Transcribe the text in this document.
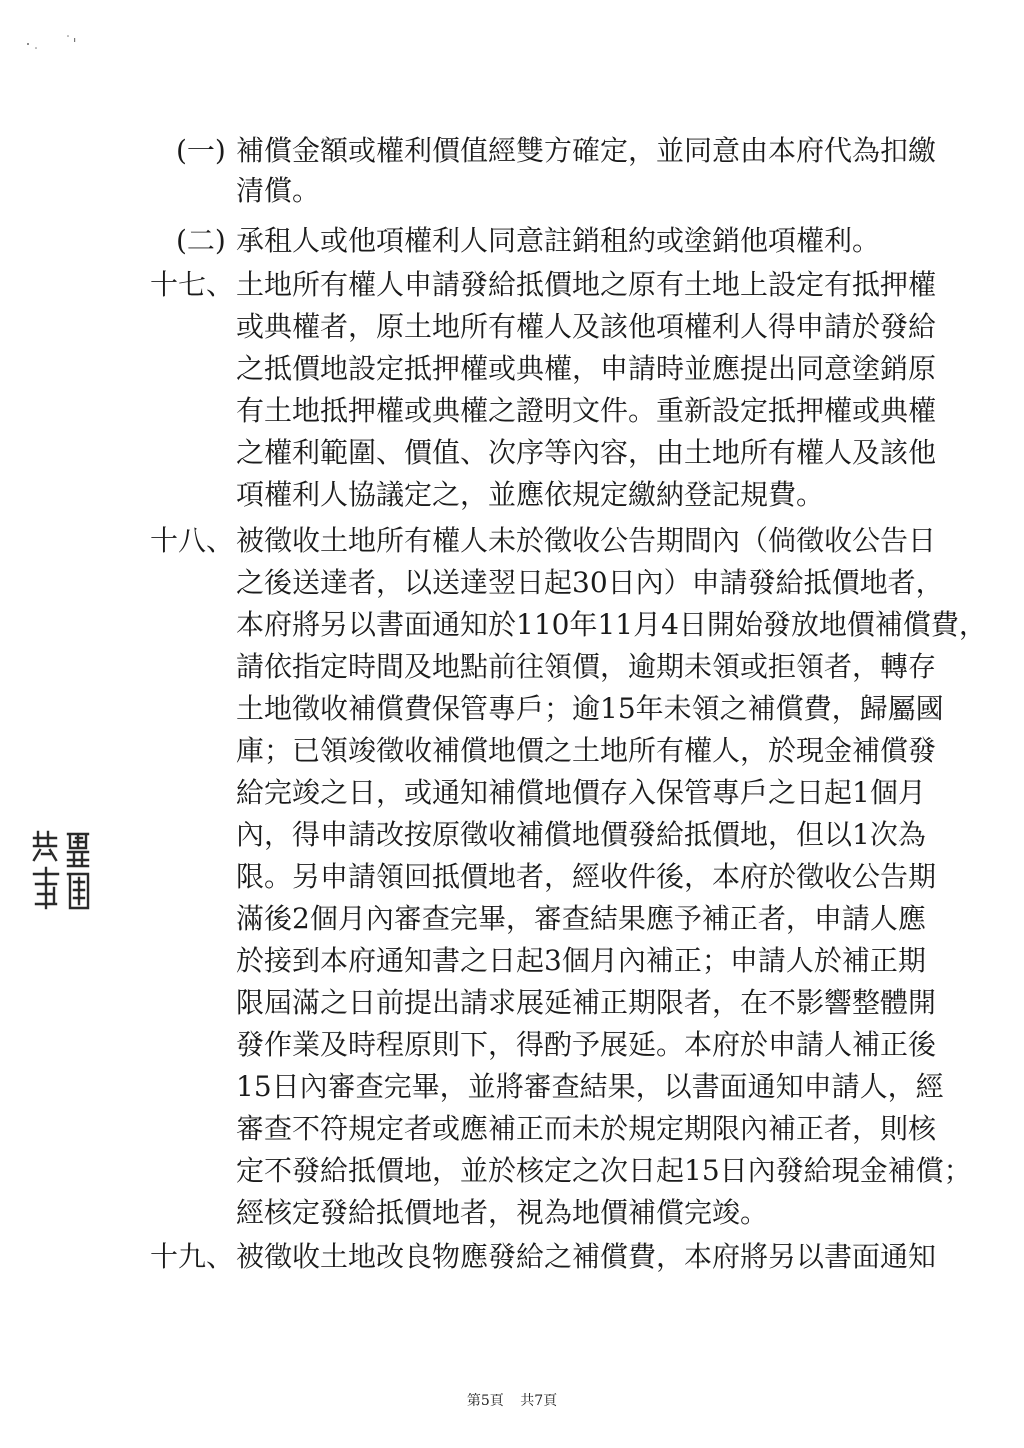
(一) 補償金額或權利價值經雙方確定，並同意由本府代為扣繳
清償。
(二) 承租人或他項權利人同意註銷租約或塗銷他項權利。
十七、 土地所有權人申請發給抵價地之原有土地上設定有抵押權
或典權者，原土地所有權人及該他項權利人得申請於發給
之抵價地設定抵押權或典權，申請時並應提出同意塗銷原
有土地抵押權或典權之證明文件。重新設定抵押權或典權
之權利範圍、價值、次序等內容，由土地所有權人及該他
項權利人協議定之，並應依規定繳納登記規費。
十八、 被徵收土地所有權人未於徵收公告期間內（倘徵收公告日
之後送達者，以送達翌日起30日內）申請發給抵價地者，
本府將另以書面通知於110年11月4日開始發放地價補償費，
請依指定時間及地點前往領價，逾期未領或拒領者，轉存
土地徵收補償費保管專戶；逾15年未領之補償費，歸屬國
庫；已領竣徵收補償地價之土地所有權人，於現金補償發
給完竣之日，或通知補償地價存入保管專戶之日起1個月
內，得申請改按原徵收補償地價發給抵價地，但以1次為
限。另申請領回抵價地者，經收件後，本府於徵收公告期
滿後2個月內審查完畢，審查結果應予補正者，申請人應
於接到本府通知書之日起3個月內補正；申請人於補正期
限屆滿之日前提出請求展延補正期限者，在不影響整體開
發作業及時程原則下，得酌予展延。本府於申請人補正後
15日內審查完畢，並將審查結果，以書面通知申請人，經
審查不符規定者或應補正而未於規定期限內補正者，則核
定不發給抵價地，並於核定之次日起15日內發給現金補償；
經核定發給抵價地者，視為地價補償完竣。
十九、 被徵收土地改良物應發給之補償費，本府將另以書面通知
第5頁 共7頁
